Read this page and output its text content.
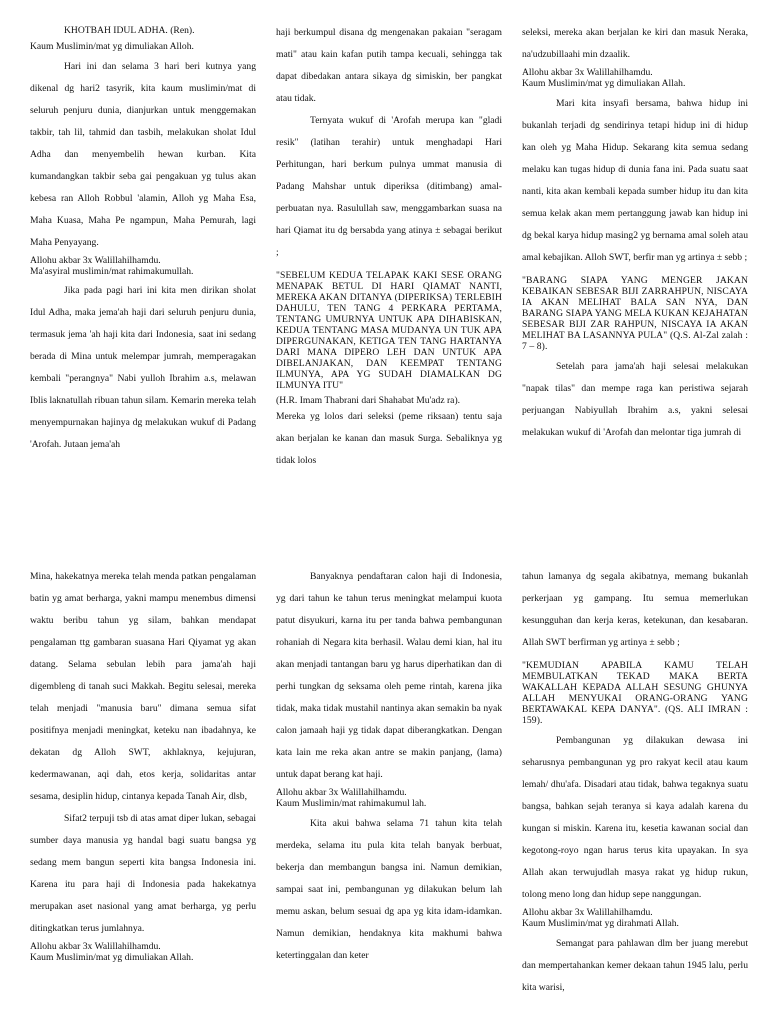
KHOTBAH IDUL ADHA. (Ren).

Kaum Muslimin/mat yg dimuliakan Alloh.

Hari ini dan selama 3 hari beri kutnya yang dikenal dg hari2 tasyrik, kita kaum muslimin/mat di seluruh penjuru dunia, dianjurkan untuk menggemakan takbir, tah lil, tahmid dan tasbih, melakukan sholat Idul Adha dan menyembelih hewan kurban. Kita kumandangkan takbir seba gai pengakuan yg tulus akan kebesa ran Alloh Robbul 'alamin, Alloh yg Maha Esa, Maha Kuasa, Maha Pe ngampun, Maha Pemurah, lagi Maha Penyayang.

Allohu akbar 3x Walillahilhamdu.

Ma'asyiral muslimin/mat rahimakumullah.

Jika pada pagi hari ini kita men dirikan sholat Idul Adha, maka jema'ah haji dari seluruh penjuru dunia, termasuk jema 'ah haji kita dari Indonesia, saat ini sedang berada di Mina untuk melempar jumrah, memperagakan kembali "perangnya" Nabi yulloh Ibrahim a.s, melawan Iblis laknatullah ribuan tahun silam. Kemarin mereka telah menyempurnakan hajinya dg melakukan wukuf di Padang 'Arofah. Jutaan jema'ah

haji berkumpul disana dg mengenakan pakaian "seragam mati" atau kain kafan putih tampa kecuali, sehingga tak dapat dibedakan antara sikaya dg simiskin, ber pangkat atau tidak.

Ternyata wukuf di 'Arofah merupa kan "gladi resik" (latihan terahir) untuk menghadapi Hari Perhitungan, hari berkum pulnya ummat manusia di Padang Mahshar untuk diperiksa (ditimbang) amal-perbuatan nya. Rasulullah saw, menggambarkan suasa na hari Qiamat itu dg bersabda yang atinya ± sebagai berikut ;

"SEBELUM KEDUA TELAPAK KAKI SESE ORANG MENAPAK BETUL DI HARI QIAMAT NANTI, MEREKA AKAN DITANYA (DIPERIKSA) TERLEBIH DAHULU, TEN TANG 4 PERKARA PERTAMA, TENTANG UMURNYA UNTUK APA DIHABISKAN, KEDUA TENTANG MASA MUDANYA UN TUK APA DIPERGUNAKAN, KETIGA TEN TANG HARTANYA DARI MANA DIPERO LEH DAN UNTUK APA DIBELANJAKAN, DAN KEEMPAT TENTANG ILMUNYA, APA YG SUDAH DIAMALKAN DG ILMUNYA ITU"

(H.R. Imam Thabrani dari Shahabat Mu'adz ra).

Mereka yg lolos dari seleksi (peme riksaan) tentu saja akan berjalan ke kanan dan masuk Surga. Sebaliknya yg tidak lolos

seleksi, mereka akan berjalan ke kiri dan masuk Neraka, na'udzubillaahi min dzaalik.

Allohu akbar 3x Walillahilhamdu.

Kaum Muslimin/mat yg dimuliakan Allah.

Mari kita insyafi bersama, bahwa hidup ini bukanlah terjadi dg sendirinya tetapi hidup ini di hidup kan oleh yg Maha Hidup. Sekarang kita semua sedang melaku kan tugas hidup di dunia fana ini. Pada suatu saat nanti, kita akan kembali kepada sumber hidup itu dan kita semua kelak akan mem pertanggung jawab kan hidup ini dg bekal karya hidup masing2 yg bernama amal soleh atau amal kebajikan. Alloh SWT, berfir man yg artinya ± sebb ;

"BARANG SIAPA YANG MENGER JAKAN KEBAIKAN SEBESAR BIJI ZARRAHPUN, NISCAYA IA AKAN MELIHAT BALA SAN NYA, DAN BARANG SIAPA YANG MELA KUKAN KEJAHATAN SEBESAR BIJI ZAR RAHPUN, NISCAYA IA AKAN MELIHAT BA LASANNYA PULA" (Q.S. Al-Zal zalah : 7 – 8).

Setelah para jama'ah haji selesai melakukan "napak tilas" dan mempe raga kan peristiwa sejarah perjuangan Nabiyullah Ibrahim a.s, yakni selesai melakukan wukuf di 'Arofah dan melontar tiga jumrah di

Mina, hakekatnya mereka telah menda patkan pengalaman batin yg amat berharga, yakni mampu menembus dimensi waktu beribu tahun yg silam, bahkan mendapat pengalaman ttg gambaran suasana Hari Qiyamat yg akan datang. Selama sebulan lebih para jama'ah haji digembleng di tanah suci Makkah. Begitu selesai, mereka telah menjadi "manusia baru" dimana semua sifat positifnya menjadi meningkat, keteku nan ibadahnya, ke dekatan dg Alloh SWT, akhlaknya, kejujuran, kedermawanan, aqi dah, etos kerja, solidaritas antar sesama, desiplin hidup, cintanya kepada Tanah Air, dlsb,

Sifat2 terpuji tsb di atas amat diper lukan, sebagai sumber daya manusia yg handal bagi suatu bangsa yg sedang mem bangun seperti kita bangsa Indonesia ini. Karena itu para haji di Indonesia pada hakekatnya merupakan aset nasional yang amat berharga, yg perlu ditingkatkan terus jumlahnya.

Allohu akbar 3x Walillahilhamdu.

Kaum Muslimin/mat yg dimuliakan Allah.

Banyaknya pendaftaran calon haji di Indonesia, yg dari tahun ke tahun terus meningkat melampui kuota patut disyukuri, karna itu per tanda bahwa pembangunan rohaniah di Negara kita berhasil. Walau demi kian, hal itu akan menjadi tantangan baru yg harus diperhatikan dan di perhi tungkan dg seksama oleh peme rintah, karena jika tidak, maka tidak mustahil nantinya akan semakin ba nyak calon jamaah haji yg tidak dapat diberangkatkan. Dengan kata lain me reka akan antre se makin panjang, (lama) untuk dapat berang kat haji.

Allohu akbar 3x Walillahilhamdu.

Kaum Muslimin/mat rahimakumul lah.

Kita akui bahwa selama 71 tahun kita telah merdeka, selama itu pula kita telah banyak berbuat, bekerja dan membangun bangsa ini. Namun demikian, sampai saat ini, pembangunan yg dilakukan belum lah memu askan, belum sesuai dg apa yg kita idam-idamkan. Namun demikian, hendaknya kita makhumi bahwa ketertinggalan dan keter

tahun lamanya dg segala akibatnya, memang bukanlah perkerjaan yg gampang. Itu semua memerlukan kesungguhan dan kerja keras, ketekunan, dan kesabaran. Allah SWT berfirman yg artinya ± sebb ;

"KEMUDIAN APABILA KAMU TELAH MEMBULATKAN TEKAD MAKA BERTA WAKALLAH KEPADA ALLAH SESUNG GHUNYA ALLAH MENYUKAI ORANG-ORANG YANG BERTAWAKAL KEPA DANYA". (QS. ALI IMRAN : 159).

Pembangunan yg dilakukan dewasa ini seharusnya pembangunan yg pro rakyat kecil atau kaum lemah/ dhu'afa. Disadari atau tidak, bahwa tegaknya suatu bangsa, bahkan sejah teranya si kaya adalah karena du kungan si miskin. Karena itu, kesetia kawanan social dan kegotong-royo ngan harus terus kita upayakan. In sya Allah akan terwujudlah masya rakat yg hidup rukun, tolong meno long dan hidup sepe nanggungan.

Allohu akbar 3x Walillahilhamdu.

Kaum Muslimin/mat yg dirahmati Allah.

Semangat para pahlawan dlm ber juang merebut dan mempertahankan kemer dekaan tahun 1945 lalu, perlu kita warisi,
